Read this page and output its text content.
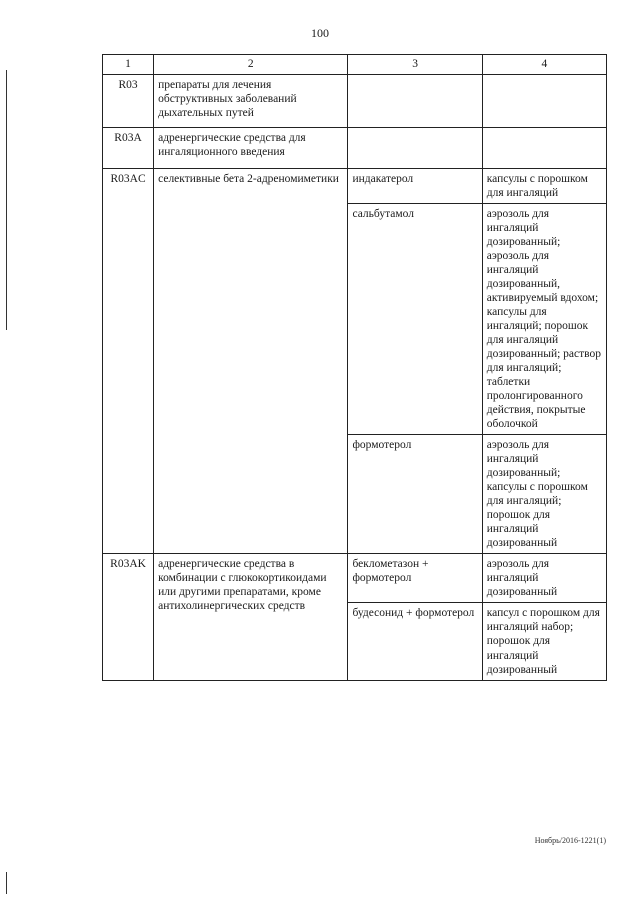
100
1	2	3	4
R03	препараты для лечения обструктивных заболеваний дыхательных путей		
R03A	адренергические средства для ингаляционного введения		
R03AC	селективные бета 2-адреномиметики	индакатерол	капсулы с порошком для ингаляций
		сальбутамол	аэрозоль для ингаляций дозированный; аэрозоль для ингаляций дозированный, активируемый вдохом; капсулы для ингаляций; порошок для ингаляций дозированный; раствор для ингаляций; таблетки пролонгированного действия, покрытые оболочкой
		формотерол	аэрозоль для ингаляций дозированный; капсулы с порошком для ингаляций; порошок для ингаляций дозированный
R03AK	адренергические средства в комбинации с глюкокортикоидами или другими препаратами, кроме антихолинергических средств	беклометазон + формотерол	аэрозоль для ингаляций дозированный
		будесонид + формотерол	капсул с порошком для ингаляций набор; порошок для ингаляций дозированный
Ноябрь/2016-1221(1)
